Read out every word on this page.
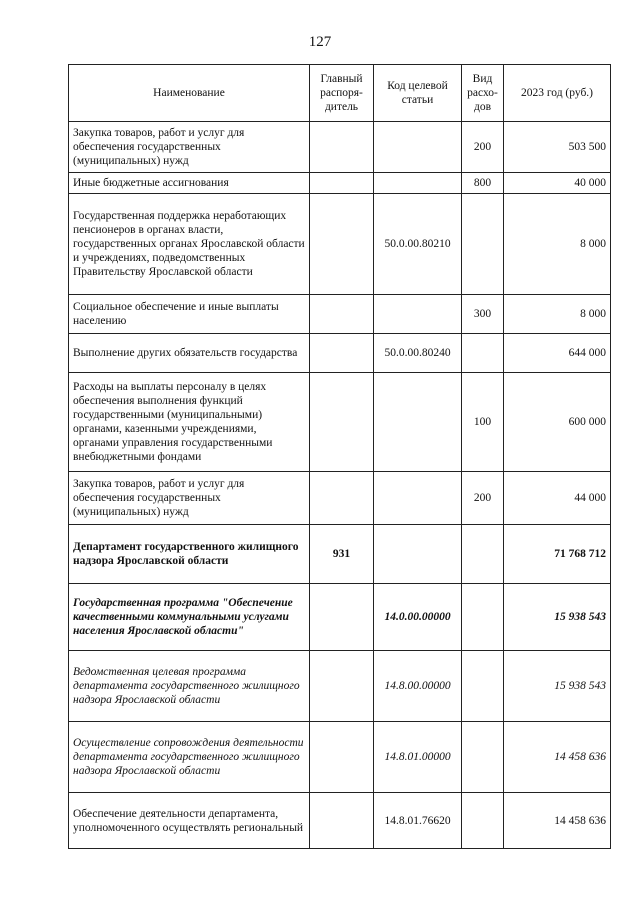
127
Наименование	Главный распоря-дитель	Код целевой статьи	Вид расхо-дов	2023 год (руб.)
Закупка товаров, работ и услуг для обеспечения государственных (муниципальных) нужд			200	503 500
Иные бюджетные ассигнования			800	40 000
Государственная поддержка неработающих пенсионеров в органах власти, государственных органах Ярославской области и учреждениях, подведомственных Правительству Ярославской области		50.0.00.80210		8 000
Социальное обеспечение и иные выплаты населению			300	8 000
Выполнение других обязательств государства		50.0.00.80240		644 000
Расходы на выплаты персоналу в целях обеспечения выполнения функций государственными (муниципальными) органами, казенными учреждениями, органами управления государственными внебюджетными фондами			100	600 000
Закупка товаров, работ и услуг для обеспечения государственных (муниципальных) нужд			200	44 000
Департамент государственного жилищного надзора Ярославской области	931			71 768 712
Государственная программа "Обеспечение качественными коммунальными услугами населения Ярославской области"		14.0.00.00000		15 938 543
Ведомственная целевая программа департамента государственного жилищного надзора Ярославской области		14.8.00.00000		15 938 543
Осуществление сопровождения деятельности департамента государственного жилищного надзора Ярославской области		14.8.01.00000		14 458 636
Обеспечение деятельности департамента, уполномоченного осуществлять региональный		14.8.01.76620		14 458 636
